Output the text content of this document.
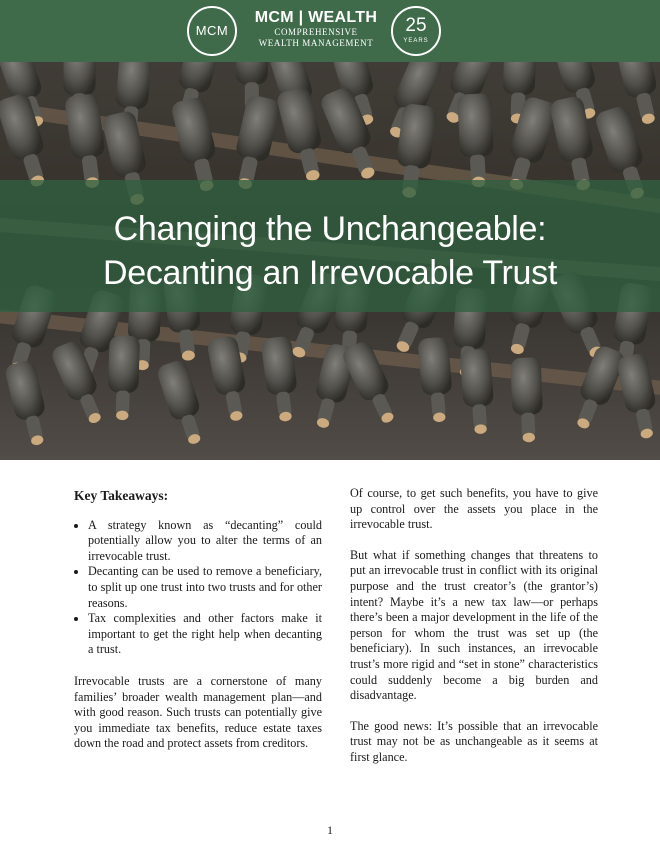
MCM
MCM | WEALTH
COMPREHENSIVE
WEALTH MANAGEMENT
25
YEARS
Changing the Unchangeable:
Decanting an Irrevocable Trust
Key Takeaways:
• A strategy known as “decanting” could potentially allow you to alter the terms of an irrevocable trust.
• Decanting can be used to remove a beneficiary, to split up one trust into two trusts and for other reasons.
• Tax complexities and other factors make it important to get the right help when decanting a trust.

Irrevocable trusts are a cornerstone of many families’ broader wealth management plan—and with good reason. Such trusts can potentially give you immediate tax benefits, reduce estate taxes down the road and protect assets from creditors.

Of course, to get such benefits, you have to give up control over the assets you place in the irrevocable trust.

But what if something changes that threatens to put an irrevocable trust in conflict with its original purpose and the trust creator’s (the grantor’s) intent? Maybe it’s a new tax law—or perhaps there’s been a major development in the life of the person for whom the trust was set up (the beneficiary). In such instances, an irrevocable trust’s more rigid and “set in stone” characteristics could suddenly become a big burden and disadvantage.

The good news: It’s possible that an irrevocable trust may not be as unchangeable as it seems at first glance.

1
